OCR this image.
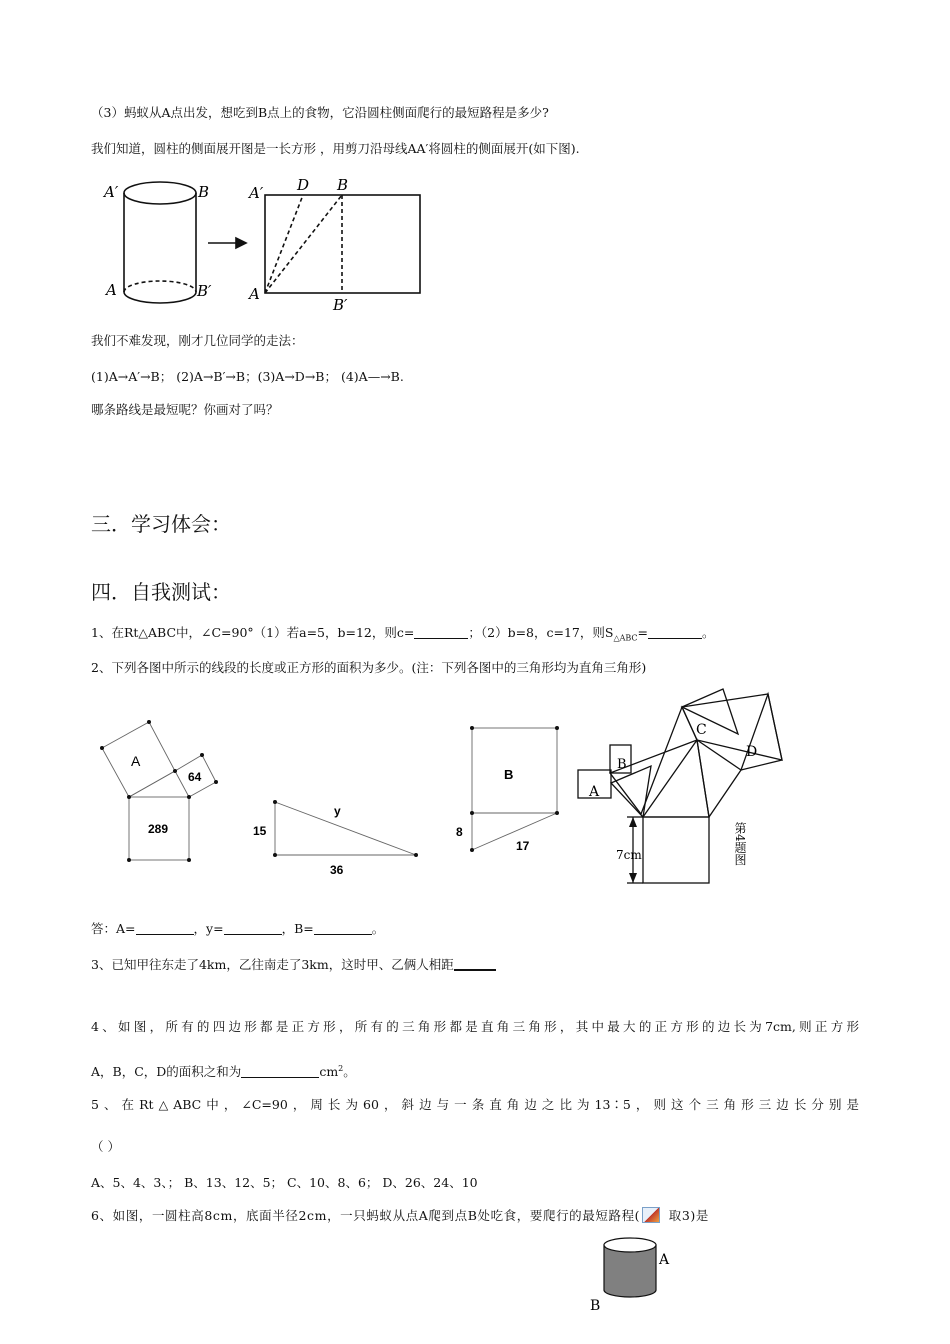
（3）蚂蚁从A点出发，想吃到B点上的食物，它沿圆柱侧面爬行的最短路程是多少?
我们知道，圆柱的侧面展开图是一长方形 ，用剪刀沿母线AA′将圆柱的侧面展开(如下图).
A′	B
A	B′
A′ D B
A
B′
我们不难发现，刚才几位同学的走法：
(1)A→A′→B； (2)A→B′→B；(3)A→D→B； (4)A—→B.
哪条路线是最短呢？你画对了吗？
三．学习体会：
四．自我测试：
1、在Rt△ABC中，∠C=90°（1）若a=5，b=12，则c=	；（2）b=8，c=17，则$S_{\triangle ABC}=$	。
2、下列各图中所示的线段的长度或正方形的面积为多少。(注：下列各图中的三角形均为直角三角形)
A
64
289	15
y
36
B
8
17
C
D
B
A
7cm	第4题图
答：A=	，y=	，B=	。
3、已知甲往东走了4km，乙往南走了3km，这时甲、乙俩人相距
4、如图，所有的四边形都是正方形，所有的三角形都是直角三角形，其中最大的正方形的边长为7cm,则正方形
A，B，C，D的面积之和为	$cm^2$。
5、在Rt△ABC中，∠C=90，周长为60，斜边与一条直角边之比为13∶5，则这个三角形三边长分别是
（ ）
A、5、4、3、； B、13、12、5； C、10、8、6； D、26、24、10
6、如图，一圆柱高8cm，底面半径2cm，一只蚂蚁从点A爬到点B处吃食，要爬行的最短路程( 取3)是
A
B
